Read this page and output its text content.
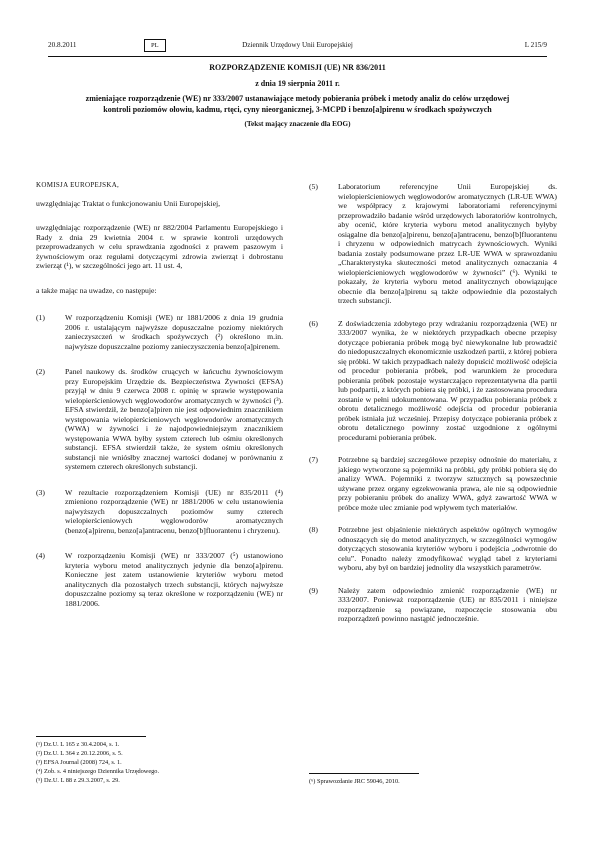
20.8.2011	PL	Dziennik Urzędowy Unii Europejskiej	L 215/9
ROZPORZĄDZENIE KOMISJI (UE) NR 836/2011
z dnia 19 sierpnia 2011 r.
zmieniające rozporządzenie (WE) nr 333/2007 ustanawiające metody pobierania próbek i metody analiz do celów urzędowej kontroli poziomów ołowiu, kadmu, rtęci, cyny nieorganicznej, 3-MCPD i benzo[a]pirenu w środkach spożywczych
(Tekst mający znaczenie dla EOG)

KOMISJA EUROPEJSKA,

uwzględniając Traktat o funkcjonowaniu Unii Europejskiej,

uwzględniając rozporządzenie (WE) nr 882/2004 Parlamentu Europejskiego i Rady z dnia 29 kwietnia 2004 r. w sprawie kontroli urzędowych przeprowadzanych w celu sprawdzania zgodności z prawem paszowym i żywnościowym oraz regułami dotyczącymi zdrowia zwierząt i dobrostanu zwierząt (¹), w szczególności jego art. 11 ust. 4,

a także mając na uwadze, co następuje:

(1)	W rozporządzeniu Komisji (WE) nr 1881/2006 z dnia 19 grudnia 2006 r. ustalającym najwyższe dopuszczalne poziomy niektórych zanieczyszczeń w środkach spożywczych (²) określono m.in. najwyższe dopuszczalne poziomy zanieczyszczenia benzo[a]pirenem.
(2)	Panel naukowy ds. środków cruących w łańcuchu żywnościowym przy Europejskim Urzędzie ds. Bezpieczeństwa Żywności (EFSA) przyjął w dniu 9 czerwca 2008 r. opinię w sprawie występowania wielopierścieniowych węglowodorów aromatycznych w żywności (³). EFSA stwierdził, że benzo[a]piren nie jest odpowiednim znacznikiem występowania wielopierścieniowych węglowodorów aromatycznych (WWA) w żywności i że najodpowiedniejszym znacznikiem występowania WWA byłby system czterech lub ośmiu określonych substancji. EFSA stwierdził także, że system ośmiu określonych substancji nie wniósłby znacznej wartości dodanej w porównaniu z systemem czterech określonych substancji.
(3)	W rezultacie rozporządzeniem Komisji (UE) nr 835/2011 (⁴) zmieniono rozporządzenie (WE) nr 1881/2006 w celu ustanowienia najwyższych dopuszczalnych poziomów sumy czterech wielopierścieniowych węglowodorów aromatycznych (benzo[a]pirenu, benzo[a]antracenu, benzo[b]fluorantenu i chryzenu).
(4)	W rozporządzeniu Komisji (WE) nr 333/2007 (⁵) ustanowiono kryteria wyboru metod analitycznych jedynie dla benzo[a]pirenu. Konieczne jest zatem ustanowienie kryteriów wyboru metod analitycznych dla pozostałych trzech substancji, których najwyższe dopuszczalne poziomy są teraz określone w rozporządzeniu (WE) nr 1881/2006.
(5)	Laboratorium referencyjne Unii Europejskiej ds. wielopierścieniowych węglowodorów aromatycznych (LR-UE WWA) we współpracy z krajowymi laboratoriami referencyjnymi przeprowadziło badanie wśród urzędowych laboratoriów kontrolnych, aby ocenić, które kryteria wyboru metod analitycznych byłyby osiągalne dla benzo[a]pirenu, benzo[a]antracenu, benzo[b]fluorantenu i chryzenu w odpowiednich matrycach żywnościowych. Wyniki badania zostały podsumowane przez LR-UE WWA w sprawozdaniu „Charakterystyka skuteczności metod analitycznych oznaczania 4 wielopierścieniowych węglowodorów w żywności” (⁶). Wyniki te pokazały, że kryteria wyboru metod analitycznych obowiązujące obecnie dla benzo[a]pirenu są także odpowiednie dla pozostałych trzech substancji.
(6)	Z doświadczenia zdobytego przy wdrażaniu rozporządzenia (WE) nr 333/2007 wynika, że w niektórych przypadkach obecne przepisy dotyczące pobierania próbek mogą być niewykonalne lub prowadzić do niedopuszczalnych ekonomicznie uszkodzeń partii, z której pobiera się próbki. W takich przypadkach należy dopuścić możliwość odejścia od procedur pobierania próbek, pod warunkiem że procedura pobierania próbek pozostaje wystarczająco reprezentatywna dla partii lub podpartii, z których pobiera się próbki, i że zastosowana procedura zostanie w pełni udokumentowana. W przypadku pobierania próbek z obrotu detalicznego możliwość odejścia od procedur pobierania próbek istniała już wcześniej. Przepisy dotyczące pobierania próbek z obrotu detalicznego powinny zostać uzgodnione z ogólnymi procedurami pobierania próbek.
(7)	Potrzebne są bardziej szczegółowe przepisy odnośnie do materiału, z jakiego wytworzone są pojemniki na próbki, gdy próbki pobiera się do analizy WWA. Pojemniki z tworzyw sztucznych są powszechnie używane przez organy egzekwowania prawa, ale nie są odpowiednie przy pobieraniu próbek do analizy WWA, gdyż zawartość WWA w próbce może ulec zmianie pod wpływem tych materiałów.
(8)	Potrzebne jest objaśnienie niektórych aspektów ogólnych wymogów odnoszących się do metod analitycznych, w szczególności wymogów dotyczących stosowania kryteriów wyboru i podejścia „odwrotnie do celu”. Ponadto należy zmodyfikować wygląd tabel z kryteriami wyboru, aby był on bardziej jednolity dla wszystkich parametrów.
(9)	Należy zatem odpowiednio zmienić rozporządzenie (WE) nr 333/2007. Ponieważ rozporządzenie (UE) nr 835/2011 i niniejsze rozporządzenie są powiązane, rozpoczęcie stosowania obu rozporządzeń powinno nastąpić jednocześnie.
(¹) Dz.U. L 165 z 30.4.2004, s. 1.
(²) Dz.U. L 364 z 20.12.2006, s. 5.
(³) EFSA Journal (2008) 724, s. 1.
(⁴) Zob. s. 4 niniejszego Dziennika Urzędowego.
(⁵) Dz.U. L 88 z 29.3.2007, s. 29.	(⁶) Sprawozdanie JRC 59046, 2010.
